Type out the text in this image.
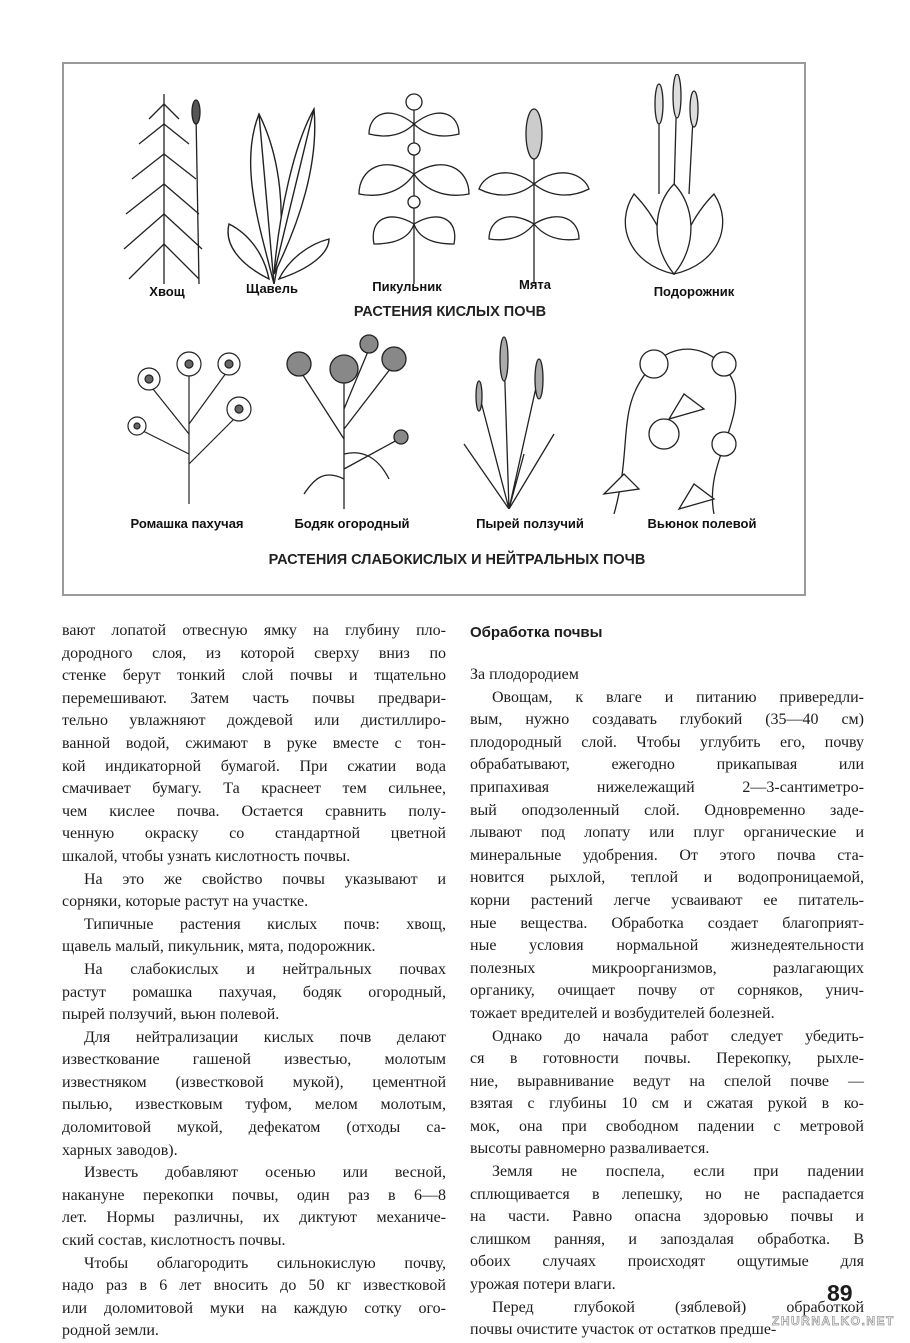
Хвощ	Щавель	Пикульник	Мята	Подорожник
РАСТЕНИЯ КИСЛЫХ ПОЧВ
Ромашка пахучая	Бодяк огородный	Пырей ползучий	Вьюнок полевой
РАСТЕНИЯ СЛАБОКИСЛЫХ И НЕЙТРАЛЬНЫХ ПОЧВ
вают лопатой отвесную ямку на глубину пло-
дородного слоя, из которой сверху вниз по
стенке берут тонкий слой почвы и тщательно
перемешивают. Затем часть почвы предвари-
тельно увлажняют дождевой или дистиллиро-
ванной водой, сжимают в руке вместе с тон-
кой индикаторной бумагой. При сжатии вода
смачивает бумагу. Та краснеет тем сильнее,
чем кислее почва. Остается сравнить полу-
ченную окраску со стандартной цветной
шкалой, чтобы узнать кислотность почвы.
На это же свойство почвы указывают и
сорняки, которые растут на участке.
Типичные растения кислых почв: хвощ,
щавель малый, пикульник, мята, подорожник.
На слабокислых и нейтральных почвах
растут ромашка пахучая, бодяк огородный,
пырей ползучий, вьюн полевой.
Для нейтрализации кислых почв делают
известкование гашеной известью, молотым
известняком (известковой мукой), цементной
пылью, известковым туфом, мелом молотым,
доломитовой мукой, дефекатом (отходы са-
харных заводов).
Известь добавляют осенью или весной,
накануне перекопки почвы, один раз в 6—8
лет. Нормы различны, их диктуют механиче-
ский состав, кислотность почвы.
Чтобы облагородить сильнокислую почву,
надо раз в 6 лет вносить до 50 кг известковой
или доломитовой муки на каждую сотку ого-
родной земли.
Обработка почвы
За плодородием
Овощам, к влаге и питанию привередли-
вым, нужно создавать глубокий (35—40 см)
плодородный слой. Чтобы углубить его, почву
обрабатывают, ежегодно прикапывая или
припахивая нижележащий 2—3-сантиметро-
вый оподзоленный слой. Одновременно заде-
лывают под лопату или плуг органические и
минеральные удобрения. От этого почва ста-
новится рыхлой, теплой и водопроницаемой,
корни растений легче усваивают ее питатель-
ные вещества. Обработка создает благоприят-
ные условия нормальной жизнедеятельности
полезных микроорганизмов, разлагающих
органику, очищает почву от сорняков, унич-
тожает вредителей и возбудителей болезней.
Однако до начала работ следует убедить-
ся в готовности почвы. Перекопку, рыхле-
ние, выравнивание ведут на спелой почве —
взятая с глубины 10 см и сжатая рукой в ко-
мок, она при свободном падении с метровой
высоты равномерно разваливается.
Земля не поспела, если при падении
сплющивается в лепешку, но не распадается
на части. Равно опасна здоровью почвы и
слишком ранняя, и запоздалая обработка. В
обоих случаях происходят ощутимые для
урожая потери влаги.
Перед глубокой (зяблевой) обработкой
почвы очистите участок от остатков предше-
89
ZHURNALKO.NET
